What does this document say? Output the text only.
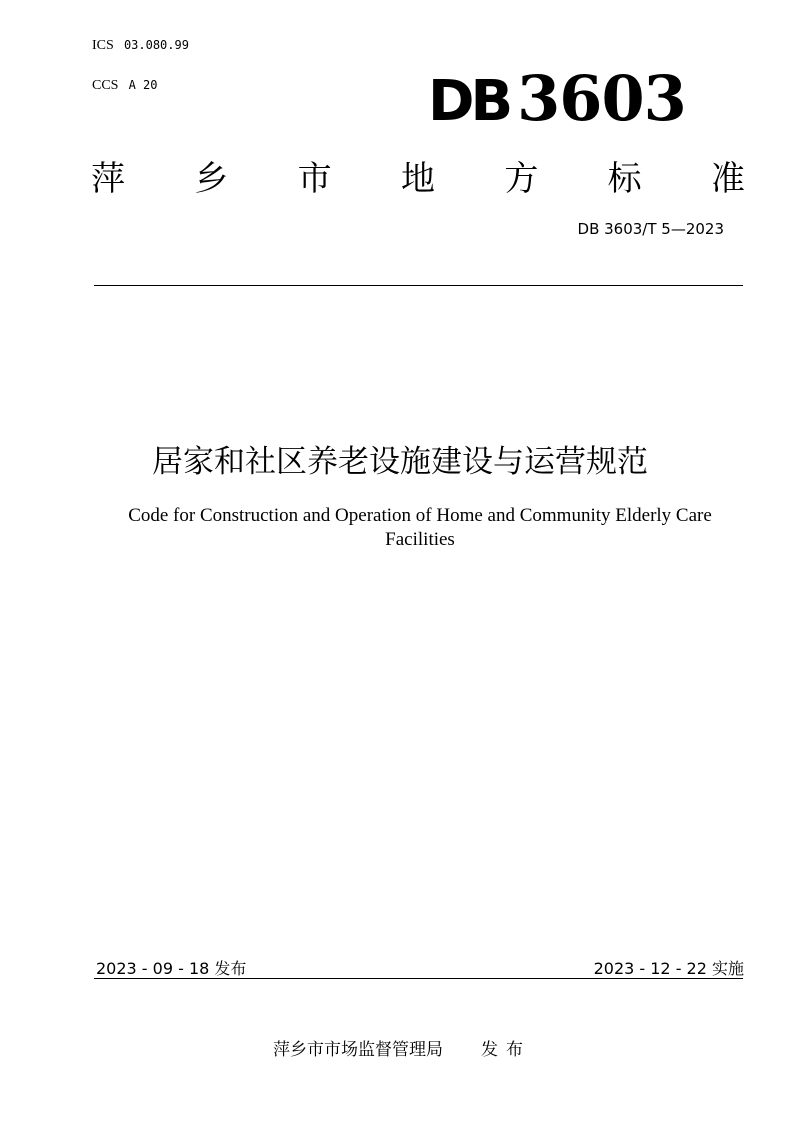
ICS 03.080.99
CCS A 20	DB 3603
萍 乡 市 地 方 标 准
DB 3603/T 5—2023
居家和社区养老设施建设与运营规范
Code for Construction and Operation of Home and Community Elderly Care Facilities
2023 - 09 - 18 发布	2023 - 12 - 22 实施
萍乡市市场监督管理局 发布
